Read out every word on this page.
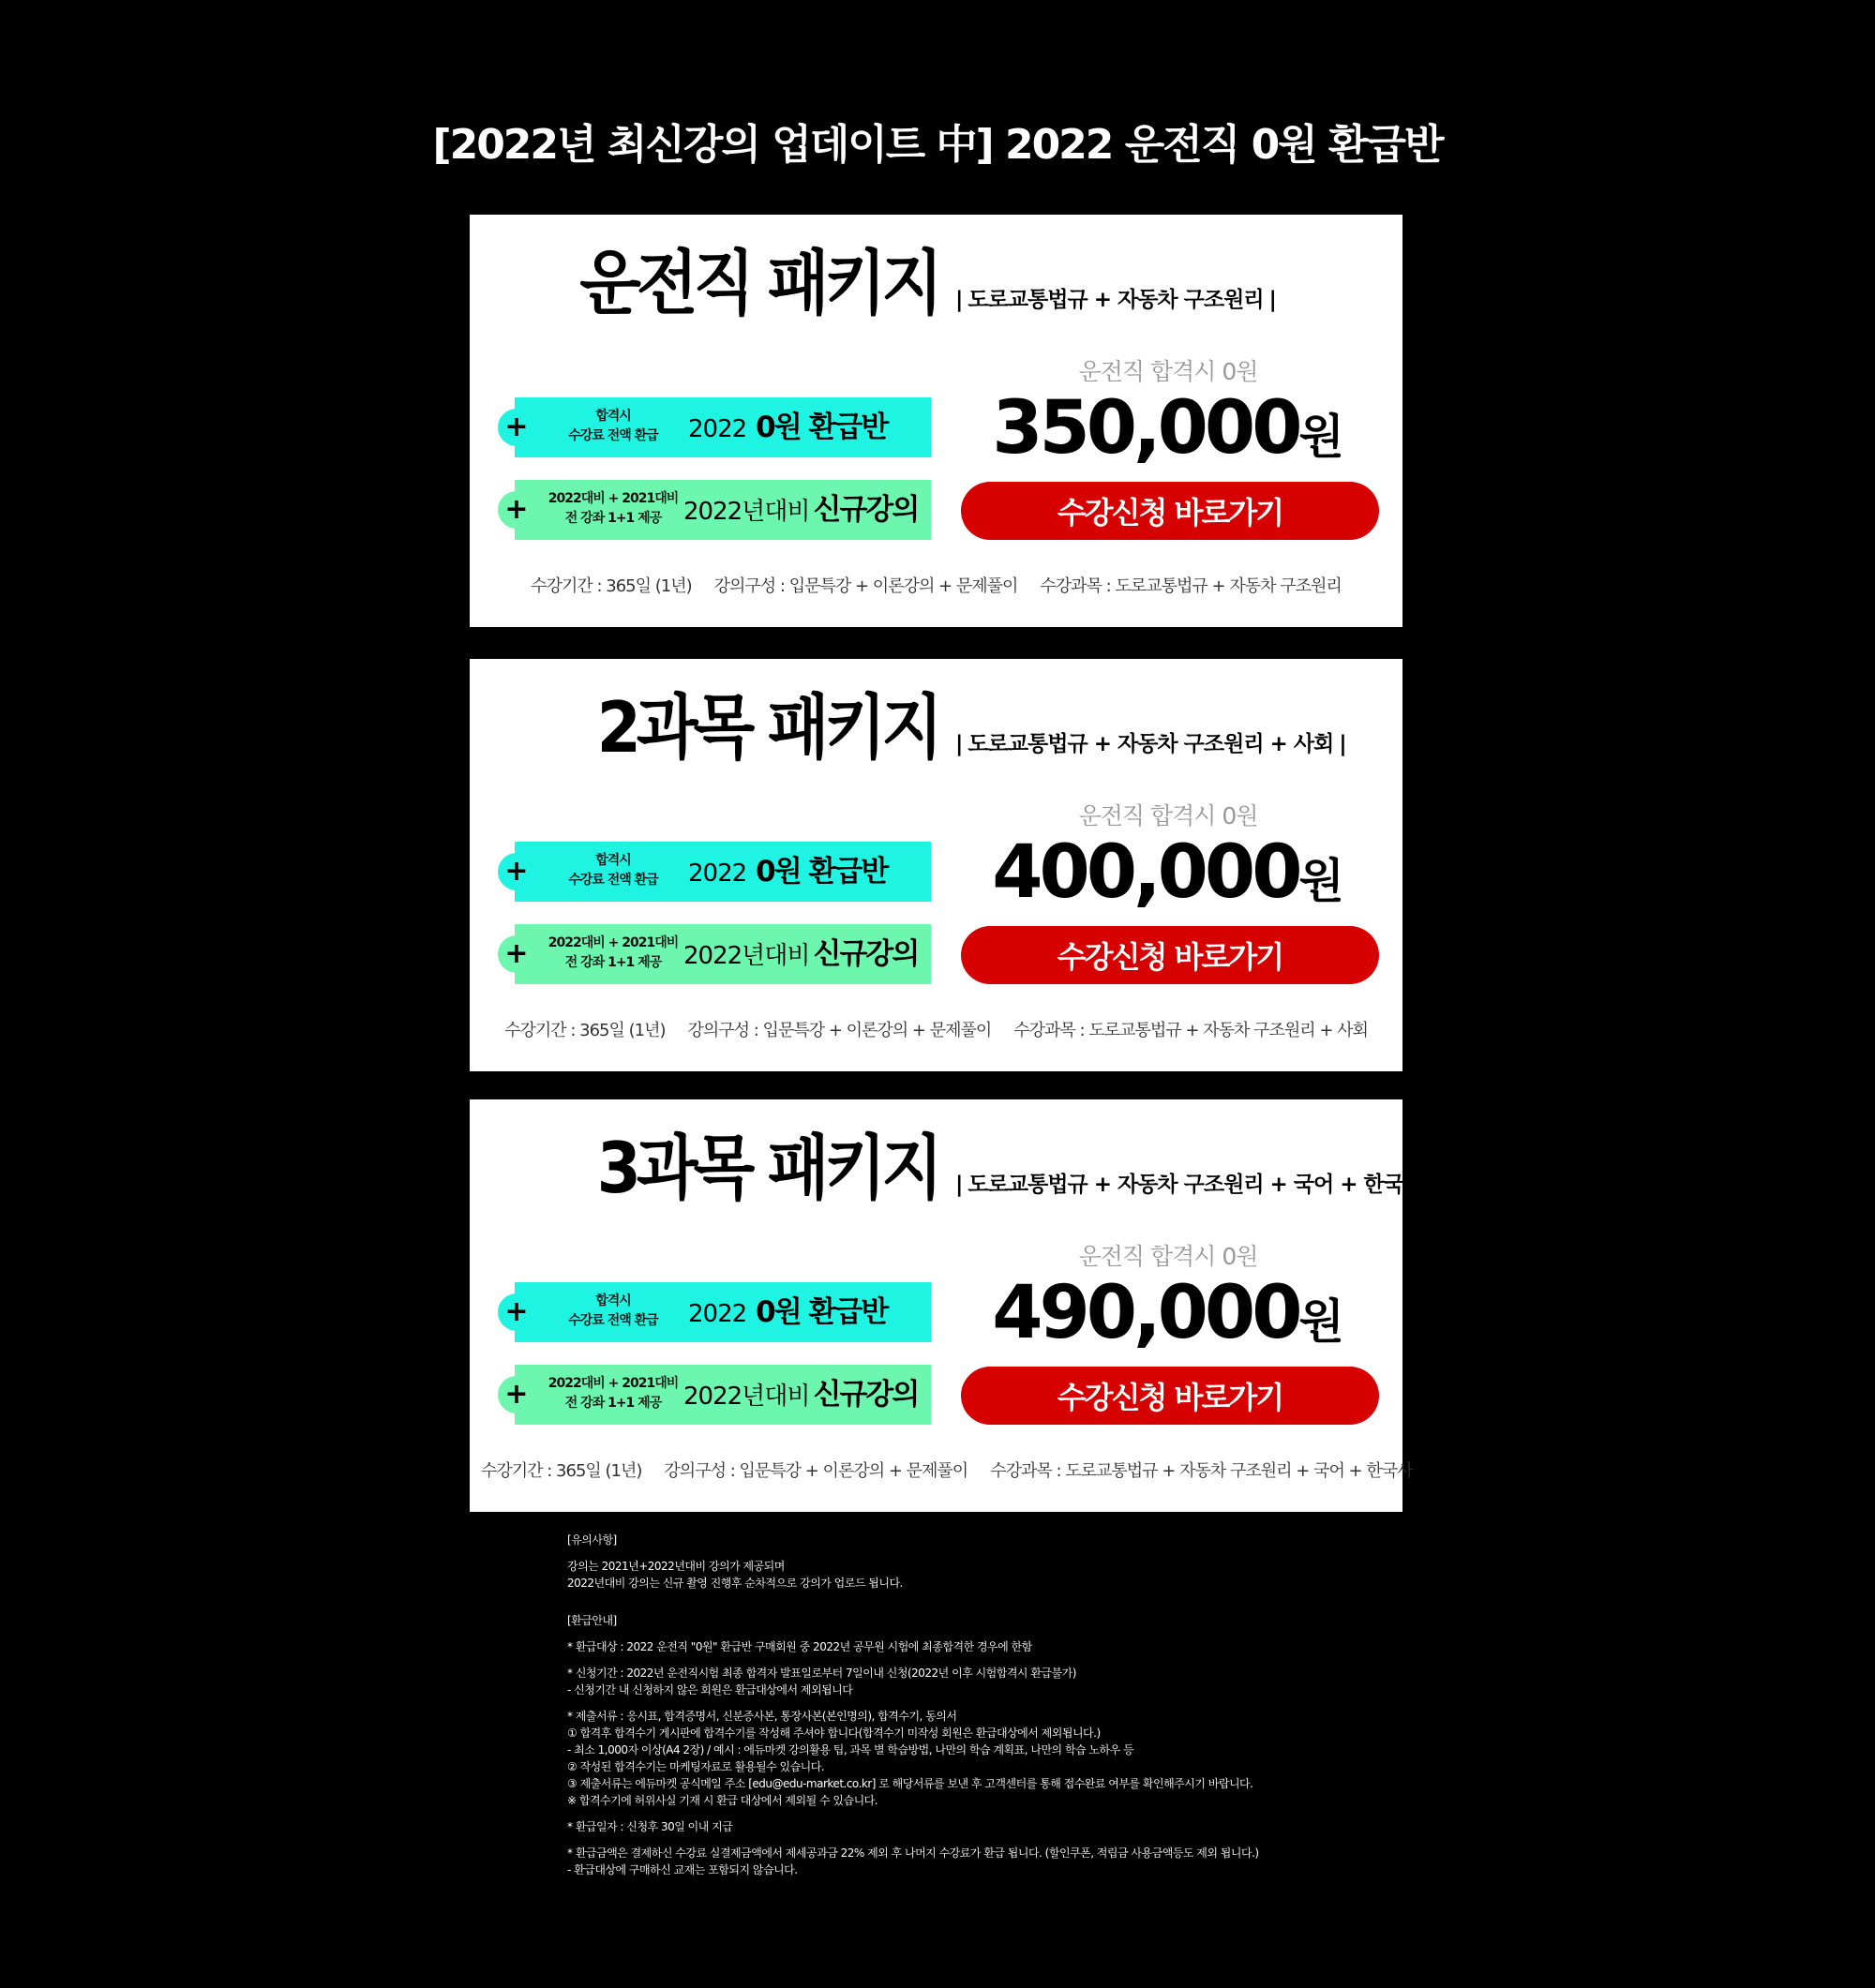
[2022년 최신강의 업데이트 中] 2022 운전직 0원 환급반
운전직 패키지 | 도로교통법규 + 자동차 구조원리 |
+	합격시
수강료 전액 환급	2022 0원 환급반
+	2022대비 + 2021대비
전 강좌 1+1 제공 2022년대비 신규강의
운전직 합격시 0원
350,000원
수강신청 바로가기
수강기간 : 365일 (1년) 강의구성 : 입문특강 + 이론강의 + 문제풀이 수강과목 : 도로교통법규 + 자동차 구조원리
2과목 패키지 | 도로교통법규 + 자동차 구조원리 + 사회 |
+	합격시
수강료 전액 환급	2022 0원 환급반
+	2022대비 + 2021대비
전 강좌 1+1 제공 2022년대비 신규강의
운전직 합격시 0원
400,000원
수강신청 바로가기
수강기간 : 365일 (1년) 강의구성 : 입문특강 + 이론강의 + 문제풀이 수강과목 : 도로교통법규 + 자동차 구조원리 + 사회
3과목 패키지 | 도로교통법규 + 자동차 구조원리 + 국어 + 한국사 |
+	합격시
수강료 전액 환급	2022 0원 환급반
+	2022대비 + 2021대비
전 강좌 1+1 제공 2022년대비 신규강의
운전직 합격시 0원
490,000원
수강신청 바로가기
수강기간 : 365일 (1년) 강의구성 : 입문특강 + 이론강의 + 문제풀이 수강과목 : 도로교통법규 + 자동차 구조원리 + 국어 + 한국사
[유의사항]
강의는 2021년+2022년대비 강의가 제공되며
2022년대비 강의는 신규 촬영 진행후 순차적으로 강의가 업로드 됩니다.
[환급안내]
* 환급대상 : 2022 운전직 "0원" 환급반 구매회원 중 2022년 공무원 시험에 최종합격한 경우에 한함
* 신청기간 : 2022년 운전직시험 최종 합격자 발표일로부터 7일이내 신청(2022년 이후 시험합격시 환급불가)
- 신청기간 내 신청하지 않은 회원은 환급대상에서 제외됩니다
* 제출서류 : 응시표, 합격증명서, 신분증사본, 통장사본(본인명의), 합격수기, 동의서
① 합격후 합격수기 게시판에 합격수기를 작성해 주셔야 합니다(합격수기 미작성 회원은 환급대상에서 제외됩니다.)
- 최소 1,000자 이상(A4 2장) / 예시 : 에듀마켓 강의활용 팁, 과목 별 학습방법, 나만의 학습 계획표, 나만의 학습 노하우 등
② 작성된 합격수기는 마케팅자료로 활용될수 있습니다.
③ 제출서류는 에듀마켓 공식메일 주소 [edu@edu-market.co.kr] 로 해당서류를 보낸 후 고객센터를 통해 접수완료 여부를 확인해주시기 바랍니다.
※ 합격수기에 허위사실 기재 시 환급 대상에서 제외될 수 있습니다.
* 환급일자 : 신청후 30일 이내 지급
* 환급금액은 결제하신 수강료 실결제금액에서 제세공과금 22% 제외 후 나머지 수강료가 환급 됩니다. (할인쿠폰, 적립금 사용금액등도 제외 됩니다.)
- 환급대상에 구매하신 교재는 포함되지 않습니다.
